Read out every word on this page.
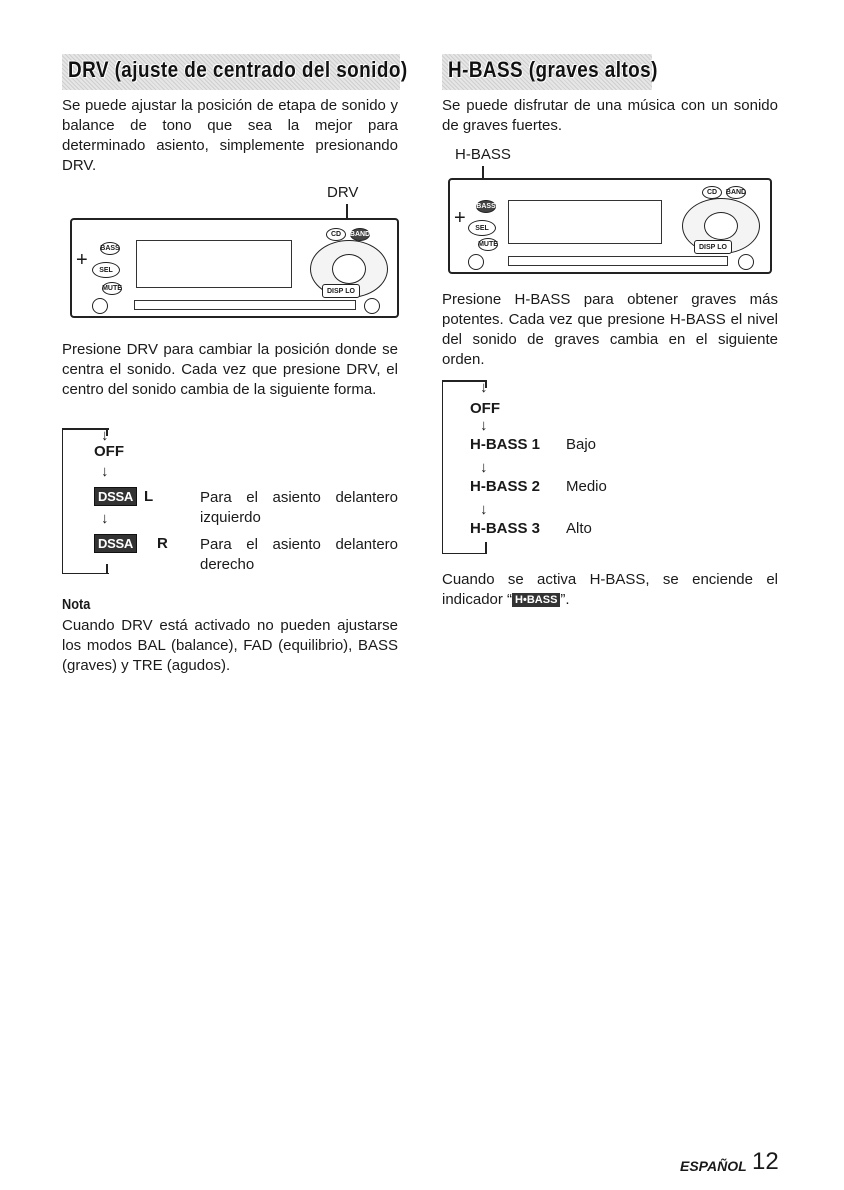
DRV (ajuste de centrado del sonido)

Se puede ajustar la posición de etapa de sonido y balance de tono que sea la mejor para determinado asiento, simplemente presionando DRV.

DRV
+
BASS
SEL
MUTE
CD BAND
DISP
LO

Presione DRV para cambiar la posición donde se centra el sonido. Cada vez que presione DRV, el centro del sonido cambia de la siguiente forma.

↓
OFF
↓
DSSA L	Para el asiento delantero izquierdo

↓
DSSA R Para el asiento delantero derecho

Nota

Cuando DRV está activado no pueden ajustarse los modos BAL (balance), FAD (equilibrio), BASS (graves) y TRE (agudos).

H-BASS (graves altos)

Se puede disfrutar de una música con un sonido de graves fuertes.

H-BASS
+
BASS
SEL
MUTE
CD BAND
DISP
LO

Presione H-BASS para obtener graves más potentes. Cada vez que presione H-BASS el nivel del sonido de graves cambia en el siguiente orden.

↓
OFF
↓
H-BASS 1 Bajo
↓
H-BASS 2 Medio
↓
H-BASS 3 Alto

Cuando se activa H-BASS, se enciende el indicador “ H•BASS ”.

ESPAÑOL 12
